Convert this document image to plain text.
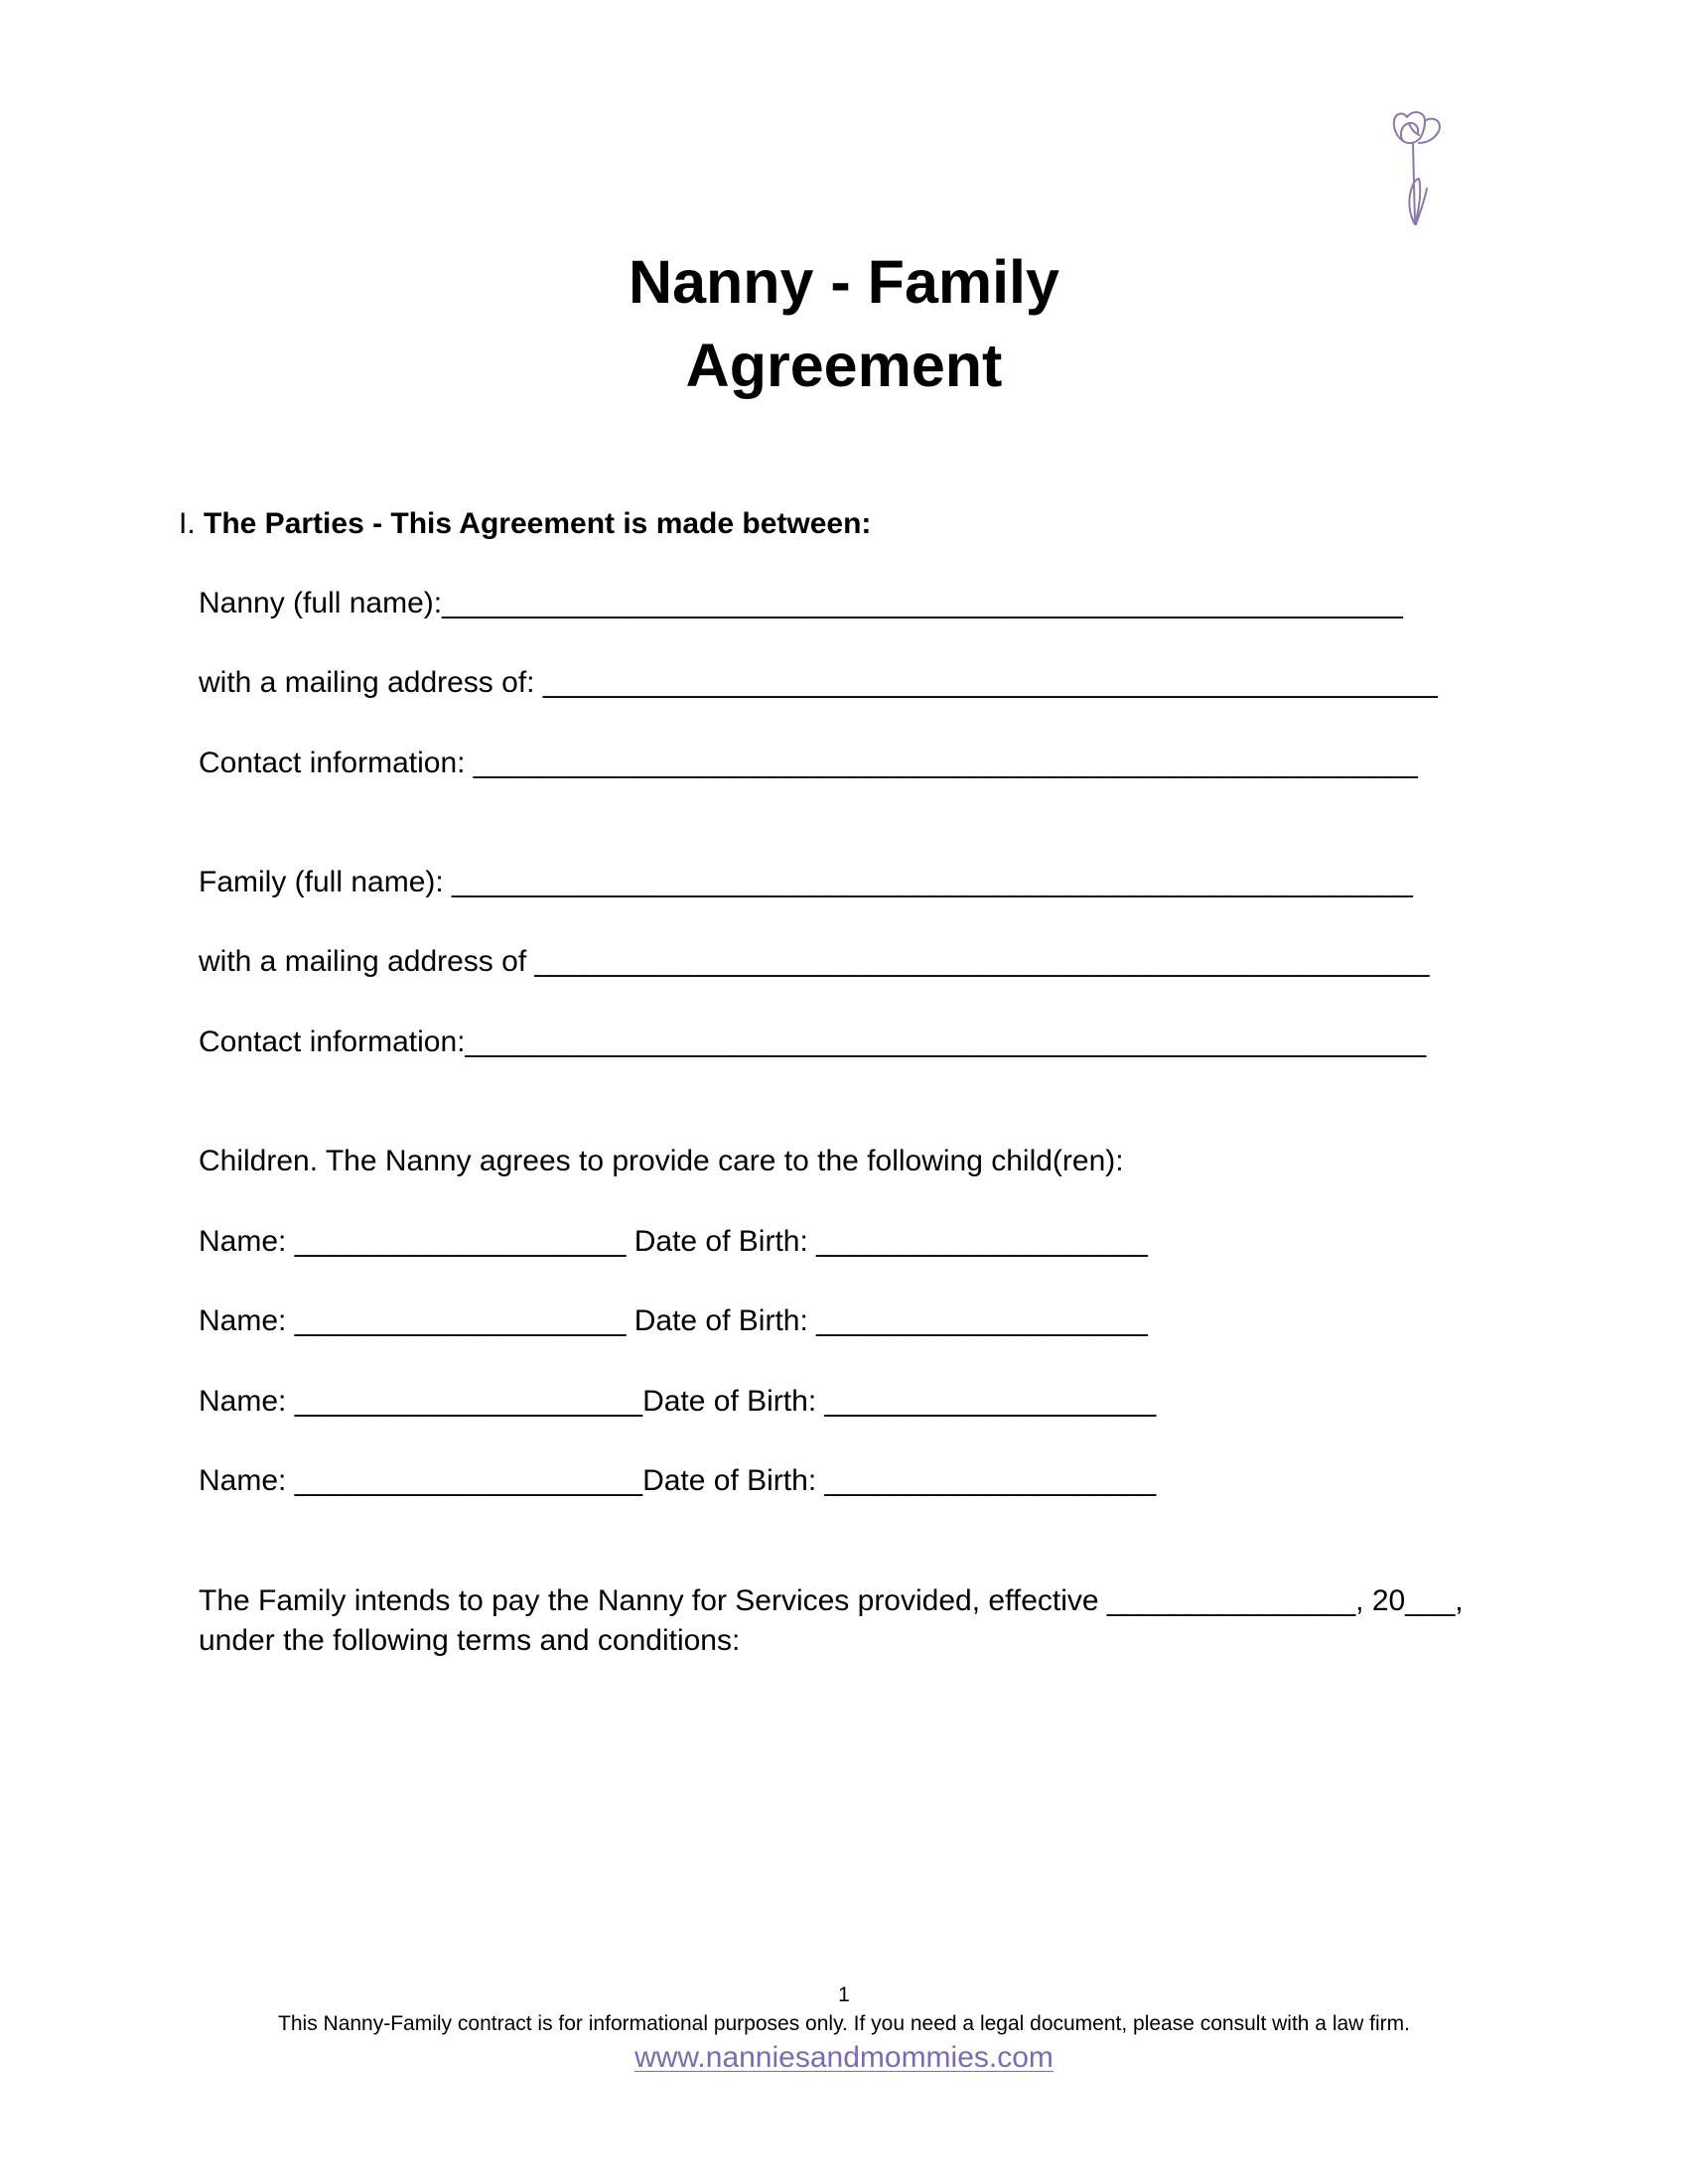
Nanny - Family
Agreement
I. The Parties - This Agreement is made between:
Nanny (full name):__________________________________________________________
with a mailing address of: ______________________________________________________
Contact information: _________________________________________________________
Family (full name): __________________________________________________________
with a mailing address of ______________________________________________________
Contact information:__________________________________________________________
Children. The Nanny agrees to provide care to the following child(ren):
Name: ____________________ Date of Birth: ____________________
Name: ____________________ Date of Birth: ____________________
Name: _____________________Date of Birth: ____________________
Name: _____________________Date of Birth: ____________________
The Family intends to pay the Nanny for Services provided, effective _______________, 20___,
under the following terms and conditions:
1
This Nanny-Family contract is for informational purposes only. If you need a legal document, please consult with a law firm.
www.nanniesandmommies.com
